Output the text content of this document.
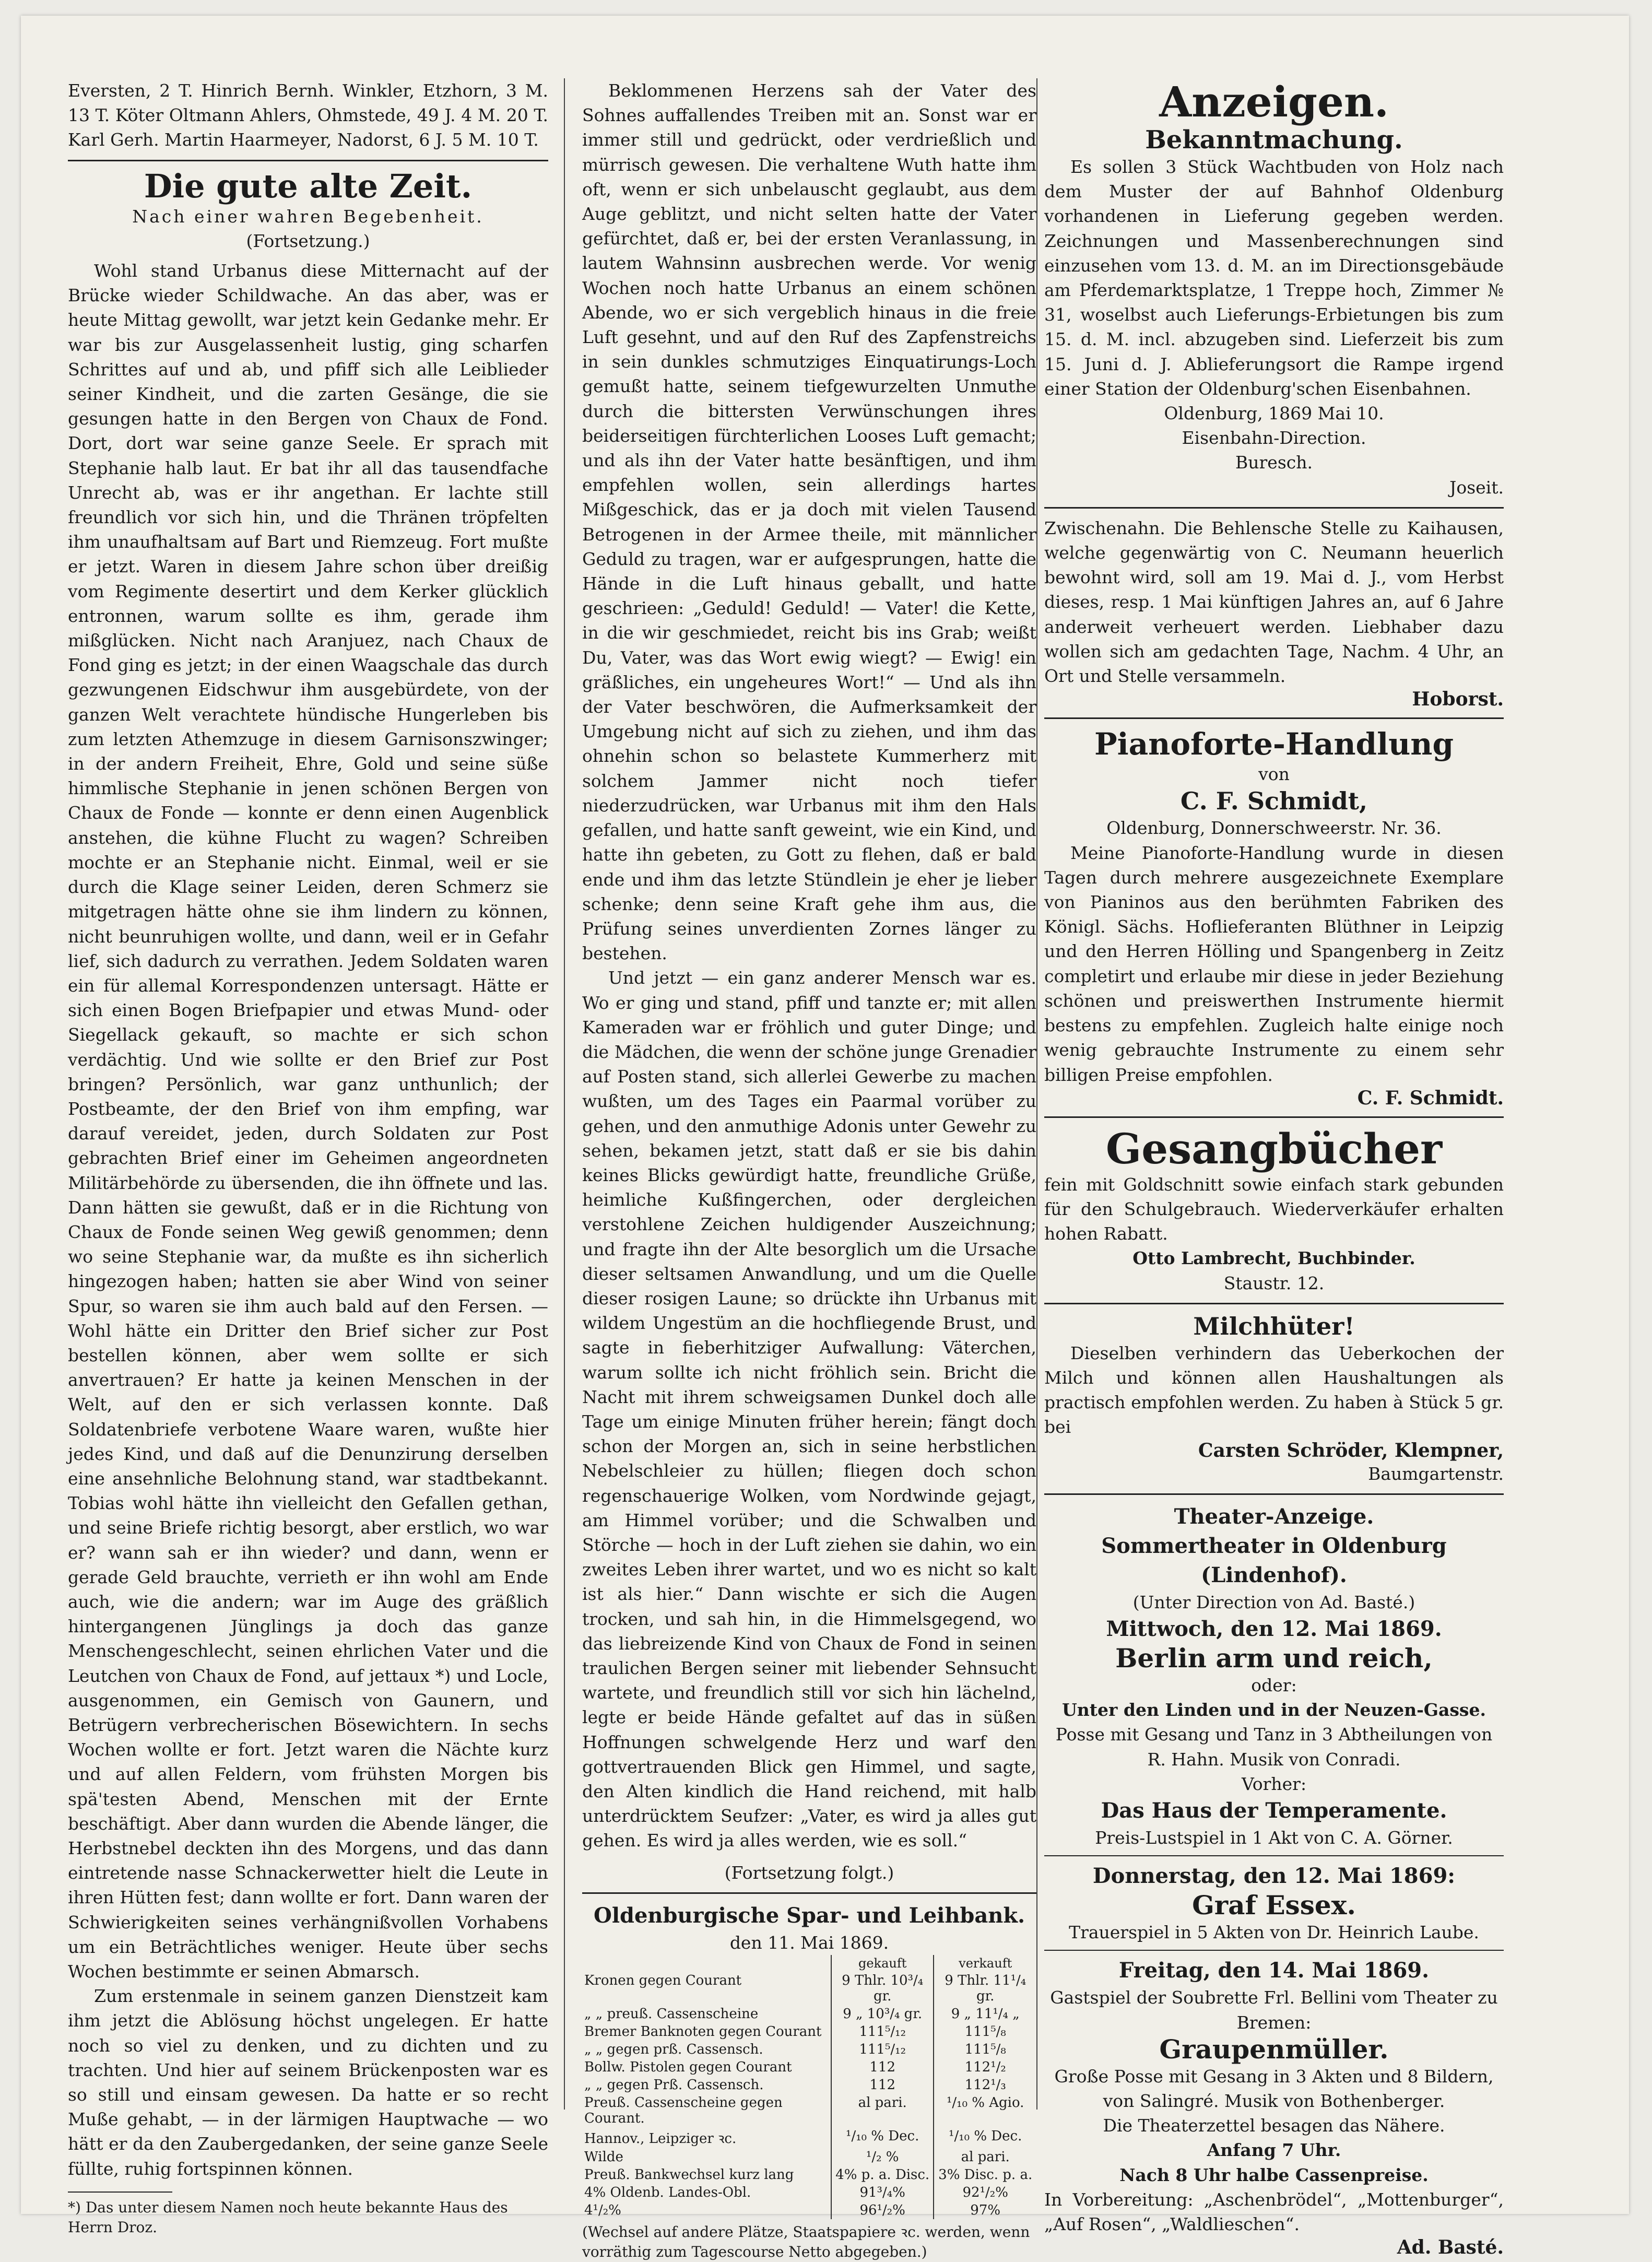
Eversten, 2 T. Hinrich Bernh. Winkler, Etzhorn, 3 M. 13 T. Köter Oltmann Ahlers, Ohmstede, 49 J. 4 M. 20 T. Karl Gerh. Martin Haarmeyer, Nadorst, 6 J. 5 M. 10 T.

Die gute alte Zeit.

Nach einer wahren Begebenheit.

(Fortsetzung.)

Wohl stand Urbanus diese Mitternacht auf der Brücke wieder Schildwache. An das aber, was er heute Mittag gewollt, war jetzt kein Gedanke mehr. Er war bis zur Ausgelassenheit lustig, ging scharfen Schrittes auf und ab, und pfiff sich alle Leiblieder seiner Kindheit, und die zarten Gesänge, die sie gesungen hatte in den Bergen von Chaux de Fond. Dort, dort war seine ganze Seele. Er sprach mit Stephanie halb laut. Er bat ihr all das tausendfache Unrecht ab, was er ihr angethan. Er lachte still freundlich vor sich hin, und die Thränen tröpfelten ihm unaufhaltsam auf Bart und Riemzeug. Fort mußte er jetzt. Waren in diesem Jahre schon über dreißig vom Regimente desertirt und dem Kerker glücklich entronnen, warum sollte es ihm, gerade ihm mißglücken. Nicht nach Aranjuez, nach Chaux de Fond ging es jetzt; in der einen Waagschale das durch gezwungenen Eidschwur ihm ausgebürdete, von der ganzen Welt verachtete hündische Hungerleben bis zum letzten Athemzuge in diesem Garnisonszwinger; in der andern Freiheit, Ehre, Gold und seine süße himmlische Stephanie in jenen schönen Bergen von Chaux de Fonde — konnte er denn einen Augenblick anstehen, die kühne Flucht zu wagen? Schreiben mochte er an Stephanie nicht. Einmal, weil er sie durch die Klage seiner Leiden, deren Schmerz sie mitgetragen hätte ohne sie ihm lindern zu können, nicht beunruhigen wollte, und dann, weil er in Gefahr lief, sich dadurch zu verrathen. Jedem Soldaten waren ein für allemal Korrespondenzen untersagt. Hätte er sich einen Bogen Briefpapier und etwas Mund- oder Siegellack gekauft, so machte er sich schon verdächtig. Und wie sollte er den Brief zur Post bringen? Persönlich, war ganz unthunlich; der Postbeamte, der den Brief von ihm empfing, war darauf vereidet, jeden, durch Soldaten zur Post gebrachten Brief einer im Geheimen angeordneten Militärbehörde zu übersenden, die ihn öffnete und las. Dann hätten sie gewußt, daß er in die Richtung von Chaux de Fonde seinen Weg gewiß genommen; denn wo seine Stephanie war, da mußte es ihn sicherlich hingezogen haben; hatten sie aber Wind von seiner Spur, so waren sie ihm auch bald auf den Fersen. — Wohl hätte ein Dritter den Brief sicher zur Post bestellen können, aber wem sollte er sich anvertrauen? Er hatte ja keinen Menschen in der Welt, auf den er sich verlassen konnte. Daß Soldatenbriefe verbotene Waare waren, wußte hier jedes Kind, und daß auf die Denunzirung derselben eine ansehnliche Belohnung stand, war stadtbekannt. Tobias wohl hätte ihn vielleicht den Gefallen gethan, und seine Briefe richtig besorgt, aber erstlich, wo war er? wann sah er ihn wieder? und dann, wenn er gerade Geld brauchte, verrieth er ihn wohl am Ende auch, wie die andern; war im Auge des gräßlich hintergangenen Jünglings ja doch das ganze Menschengeschlecht, seinen ehrlichen Vater und die Leutchen von Chaux de Fond, auf jettaux *) und Locle, ausgenommen, ein Gemisch von Gaunern, und Betrügern verbrecherischen Bösewichtern. In sechs Wochen wollte er fort. Jetzt waren die Nächte kurz und auf allen Feldern, vom frühsten Morgen bis spä'testen Abend, Menschen mit der Ernte beschäftigt. Aber dann wurden die Abende länger, die Herbstnebel deckten ihn des Morgens, und das dann eintretende nasse Schnackerwetter hielt die Leute in ihren Hütten fest; dann wollte er fort. Dann waren der Schwierigkeiten seines verhängnißvollen Vorhabens um ein Beträchtliches weniger. Heute über sechs Wochen bestimmte er seinen Abmarsch.

Zum erstenmale in seinem ganzen Dienstzeit kam ihm jetzt die Ablösung höchst ungelegen. Er hatte noch so viel zu denken, und zu dichten und zu trachten. Und hier auf seinem Brückenposten war es so still und einsam gewesen. Da hatte er so recht Muße gehabt, — in der lärmigen Hauptwache — wo hätt er da den Zaubergedanken, der seine ganze Seele füllte, ruhig fortspinnen können.

*) Das unter diesem Namen noch heute bekannte Haus des Herrn Droz.

Beklommenen Herzens sah der Vater des Sohnes auffallendes Treiben mit an. Sonst war er immer still und gedrückt, oder verdrießlich und mürrisch gewesen. Die verhaltene Wuth hatte ihm oft, wenn er sich unbelauscht geglaubt, aus dem Auge geblitzt, und nicht selten hatte der Vater gefürchtet, daß er, bei der ersten Veranlassung, in lautem Wahnsinn ausbrechen werde. Vor wenig Wochen noch hatte Urbanus an einem schönen Abende, wo er sich vergeblich hinaus in die freie Luft gesehnt, und auf den Ruf des Zapfenstreichs in sein dunkles schmutziges Einquatirungs-Loch gemußt hatte, seinem tiefgewurzelten Unmuthe durch die bittersten Verwünschungen ihres beiderseitigen fürchterlichen Looses Luft gemacht; und als ihn der Vater hatte besänftigen, und ihm empfehlen wollen, sein allerdings hartes Mißgeschick, das er ja doch mit vielen Tausend Betrogenen in der Armee theile, mit männlicher Geduld zu tragen, war er aufgesprungen, hatte die Hände in die Luft hinaus geballt, und hatte geschrieen: „Geduld! Geduld! — Vater! die Kette, in die wir geschmiedet, reicht bis ins Grab; weißt Du, Vater, was das Wort ewig wiegt? — Ewig! ein gräßliches, ein ungeheures Wort!“ — Und als ihn der Vater beschwören, die Aufmerksamkeit der Umgebung nicht auf sich zu ziehen, und ihm das ohnehin schon so belastete Kummerherz mit solchem Jammer nicht noch tiefer niederzudrücken, war Urbanus mit ihm den Hals gefallen, und hatte sanft geweint, wie ein Kind, und hatte ihn gebeten, zu Gott zu flehen, daß er bald ende und ihm das letzte Stündlein je eher je lieber schenke; denn seine Kraft gehe ihm aus, die Prüfung seines unverdienten Zornes länger zu bestehen.

Und jetzt — ein ganz anderer Mensch war es. Wo er ging und stand, pfiff und tanzte er; mit allen Kameraden war er fröhlich und guter Dinge; und die Mädchen, die wenn der schöne junge Grenadier auf Posten stand, sich allerlei Gewerbe zu machen wußten, um des Tages ein Paarmal vorüber zu gehen, und den anmuthige Adonis unter Gewehr zu sehen, bekamen jetzt, statt daß er sie bis dahin keines Blicks gewürdigt hatte, freundliche Grüße, heimliche Kußfingerchen, oder dergleichen verstohlene Zeichen huldigender Auszeichnung; und fragte ihn der Alte besorglich um die Ursache dieser seltsamen Anwandlung, und um die Quelle dieser rosigen Laune; so drückte ihn Urbanus mit wildem Ungestüm an die hochfliegende Brust, und sagte in fieberhitziger Aufwallung: Väterchen, warum sollte ich nicht fröhlich sein. Bricht die Nacht mit ihrem schweigsamen Dunkel doch alle Tage um einige Minuten früher herein; fängt doch schon der Morgen an, sich in seine herbstlichen Nebelschleier zu hüllen; fliegen doch schon regenschauerige Wolken, vom Nordwinde gejagt, am Himmel vorüber; und die Schwalben und Störche — hoch in der Luft ziehen sie dahin, wo ein zweites Leben ihrer wartet, und wo es nicht so kalt ist als hier.“ Dann wischte er sich die Augen trocken, und sah hin, in die Himmelsgegend, wo das liebreizende Kind von Chaux de Fond in seinen traulichen Bergen seiner mit liebender Sehnsucht wartete, und freundlich still vor sich hin lächelnd, legte er beide Hände gefaltet auf das in süßen Hoffnungen schwelgende Herz und warf den gottvertrauenden Blick gen Himmel, und sagte, den Alten kindlich die Hand reichend, mit halb unterdrücktem Seufzer: „Vater, es wird ja alles gut gehen. Es wird ja alles werden, wie es soll.“

(Fortsetzung folgt.)

Oldenburgische Spar- und Leihbank.

den 11. Mai 1869.

	gekauft	verkauft
Kronen gegen Courant	9 Thlr. 10³/₄ gr.	9 Thlr. 11¹/₄ gr.
„ „ preuß. Cassenscheine	9 „ 10³/₄ gr.	9 „ 11¹/₄ „
Bremer Banknoten gegen Courant	111⁵/₁₂	111⁵/₈
„ „ gegen prß. Cassensch.	111⁵/₁₂	111⁵/₈
Bollw. Pistolen gegen Courant	112	112¹/₂
„ „ gegen Prß. Cassensch.	112	112¹/₃
Preuß. Cassenscheine gegen Courant.	al pari.	¹/₁₀ % Agio.
Hannov., Leipziger ꝛc.	¹/₁₀ % Dec.	¹/₁₀ % Dec.
Wilde	¹/₂ %	al pari.
Preuß. Bankwechsel kurz lang	4% p. a. Disc.	3% Disc. p. a.
4% Oldenb. Landes-Obl.	91³/₄%	92¹/₂%
4¹/₂%	96¹/₂%	97%

(Wechsel auf andere Plätze, Staatspapiere ꝛc. werden, wenn vorräthig zum Tagescourse Netto abgegeben.)

Anzeigen.
Bekanntmachung.

Es sollen 3 Stück Wachtbuden von Holz nach dem Muster der auf Bahnhof Oldenburg vorhandenen in Lieferung gegeben werden. Zeichnungen und Massenberechnungen sind einzusehen vom 13. d. M. an im Directionsgebäude am Pferdemarktsplatze, 1 Treppe hoch, Zimmer № 31, woselbst auch Lieferungs-Erbietungen bis zum 15. d. M. incl. abzugeben sind. Lieferzeit bis zum 15. Juni d. J. Ablieferungsort die Rampe irgend einer Station der Oldenburg'schen Eisenbahnen.

Oldenburg, 1869 Mai 10.

Eisenbahn-Direction.

Buresch.

Joseit.

Zwischenahn. Die Behlensche Stelle zu Kaihausen, welche gegenwärtig von C. Neumann heuerlich bewohnt wird, soll am 19. Mai d. J., vom Herbst dieses, resp. 1 Mai künftigen Jahres an, auf 6 Jahre anderweit verheuert werden. Liebhaber dazu wollen sich am gedachten Tage, Nachm. 4 Uhr, an Ort und Stelle versammeln.

Hoborst.

Pianoforte-Handlung

von

C. F. Schmidt,

Oldenburg, Donnerschweerstr. Nr. 36.

Meine Pianoforte-Handlung wurde in diesen Tagen durch mehrere ausgezeichnete Exemplare von Pianinos aus den berühmten Fabriken des Königl. Sächs. Hoflieferanten Blüthner in Leipzig und den Herren Hölling und Spangenberg in Zeitz completirt und erlaube mir diese in jeder Beziehung schönen und preiswerthen Instrumente hiermit bestens zu empfehlen. Zugleich halte einige noch wenig gebrauchte Instrumente zu einem sehr billigen Preise empfohlen.

C. F. Schmidt.

Gesangbücher

fein mit Goldschnitt sowie einfach stark gebunden für den Schulgebrauch. Wiederverkäufer erhalten hohen Rabatt.

Otto Lambrecht, Buchbinder.

Staustr. 12.

Milchhüter!

Dieselben verhindern das Ueberkochen der Milch und können allen Haushaltungen als practisch empfohlen werden. Zu haben à Stück 5 gr. bei

Carsten Schröder, Klempner,

Baumgartenstr.

Theater-Anzeige.
Sommertheater in Oldenburg (Lindenhof).

(Unter Direction von Ad. Basté.)

Mittwoch, den 12. Mai 1869.
Berlin arm und reich,

oder:

Unter den Linden und in der Neuzen-Gasse.

Posse mit Gesang und Tanz in 3 Abtheilungen von R. Hahn. Musik von Conradi.

Vorher:

Das Haus der Temperamente.

Preis-Lustspiel in 1 Akt von C. A. Görner.

Donnerstag, den 12. Mai 1869:
Graf Essex.

Trauerspiel in 5 Akten von Dr. Heinrich Laube.

Freitag, den 14. Mai 1869.

Gastspiel der Soubrette Frl. Bellini vom Theater zu Bremen:

Graupenmüller.

Große Posse mit Gesang in 3 Akten und 8 Bildern, von Salingré. Musik von Bothenberger.

Die Theaterzettel besagen das Nähere.

Anfang 7 Uhr.

Nach 8 Uhr halbe Cassenpreise.

In Vorbereitung: „Aschenbrödel“, „Mottenburger“, „Auf Rosen“, „Waldlieschen“.

Ad. Basté.
